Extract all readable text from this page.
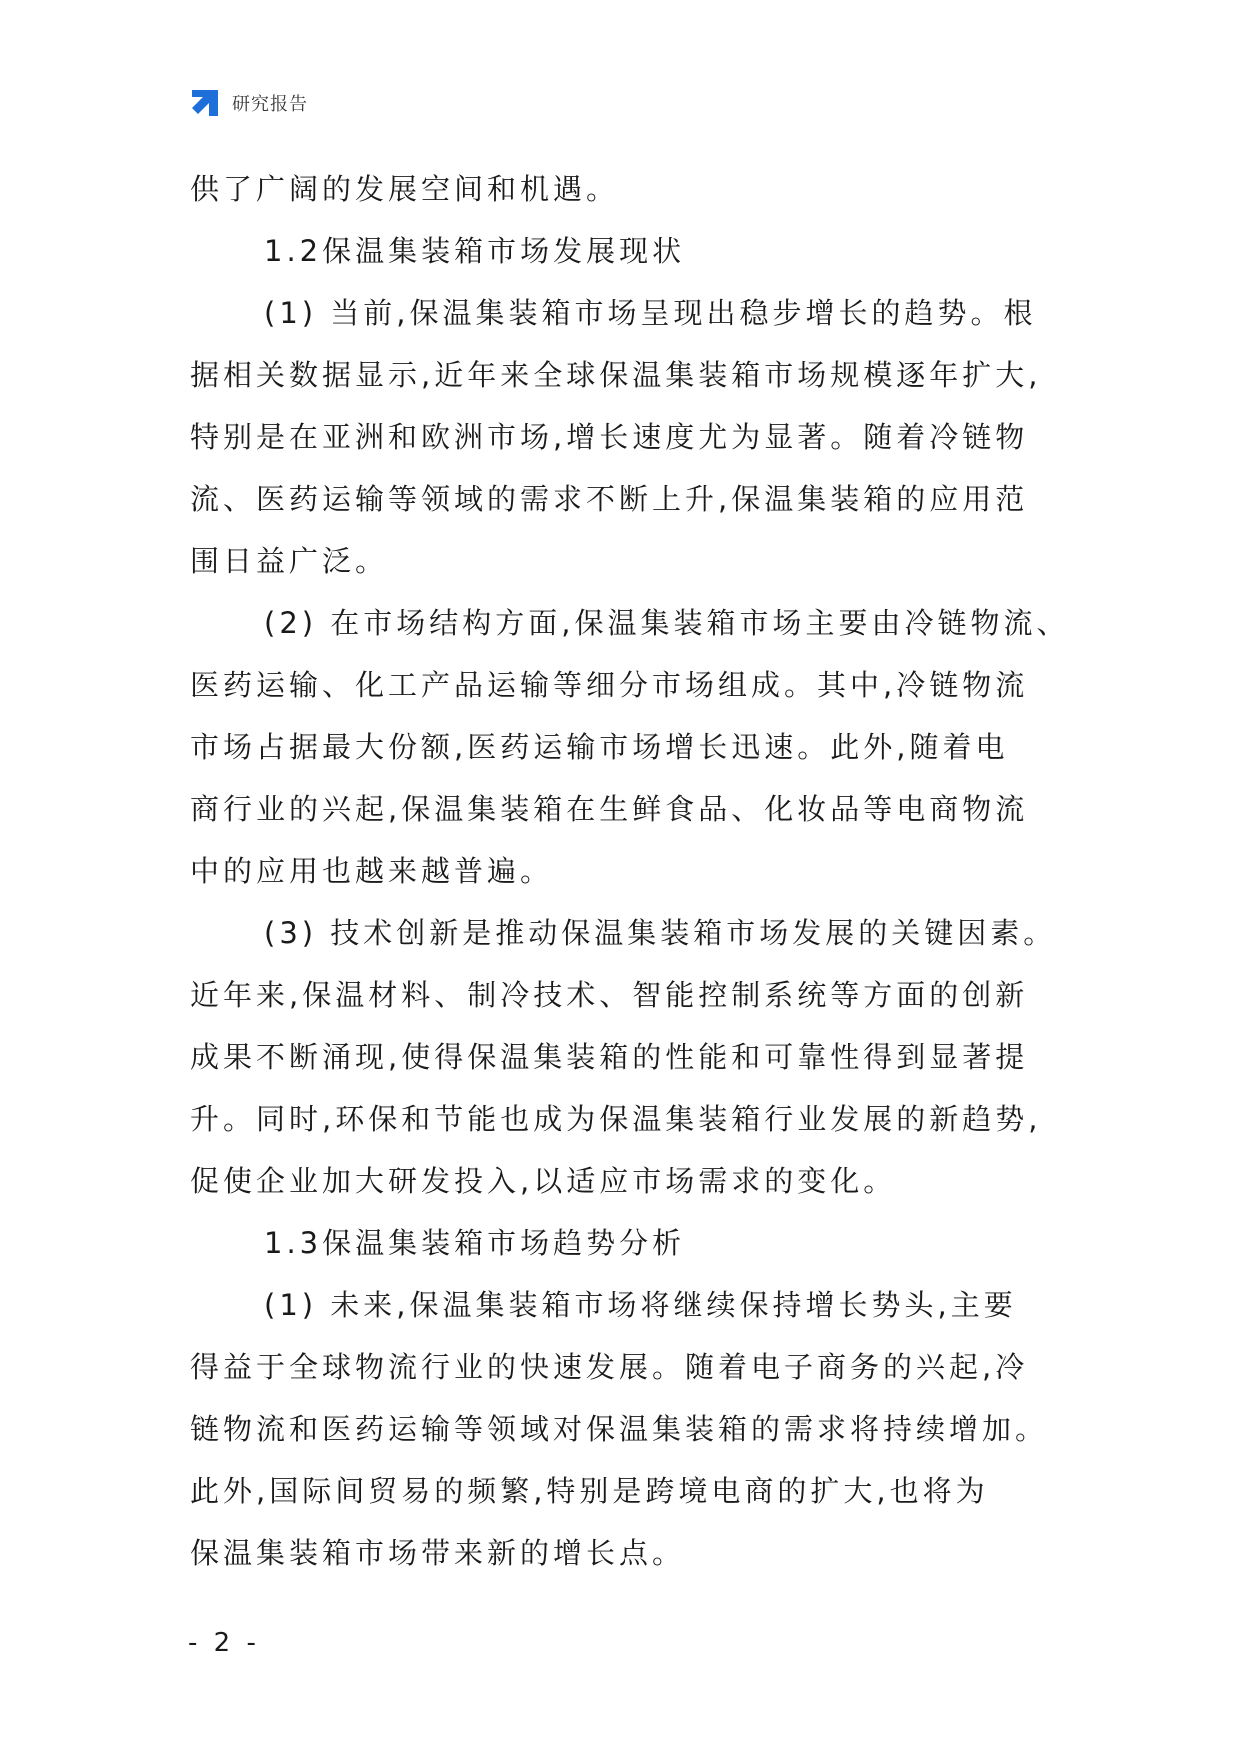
研究报告
供了广阔的发展空间和机遇。
1.2保温集装箱市场发展现状
(1) 当前,保温集装箱市场呈现出稳步增长的趋势。根
据相关数据显示,近年来全球保温集装箱市场规模逐年扩大,
特别是在亚洲和欧洲市场,增长速度尤为显著。随着冷链物
流、医药运输等领域的需求不断上升,保温集装箱的应用范
围日益广泛。
(2) 在市场结构方面,保温集装箱市场主要由冷链物流、
医药运输、化工产品运输等细分市场组成。其中,冷链物流
市场占据最大份额,医药运输市场增长迅速。此外,随着电
商行业的兴起,保温集装箱在生鲜食品、化妆品等电商物流
中的应用也越来越普遍。
(3) 技术创新是推动保温集装箱市场发展的关键因素。
近年来,保温材料、制冷技术、智能控制系统等方面的创新
成果不断涌现,使得保温集装箱的性能和可靠性得到显著提
升。同时,环保和节能也成为保温集装箱行业发展的新趋势,
促使企业加大研发投入,以适应市场需求的变化。
1.3保温集装箱市场趋势分析
(1) 未来,保温集装箱市场将继续保持增长势头,主要
得益于全球物流行业的快速发展。随着电子商务的兴起,冷
链物流和医药运输等领域对保温集装箱的需求将持续增加。
此外,国际间贸易的频繁,特别是跨境电商的扩大,也将为
保温集装箱市场带来新的增长点。
- 2 -
